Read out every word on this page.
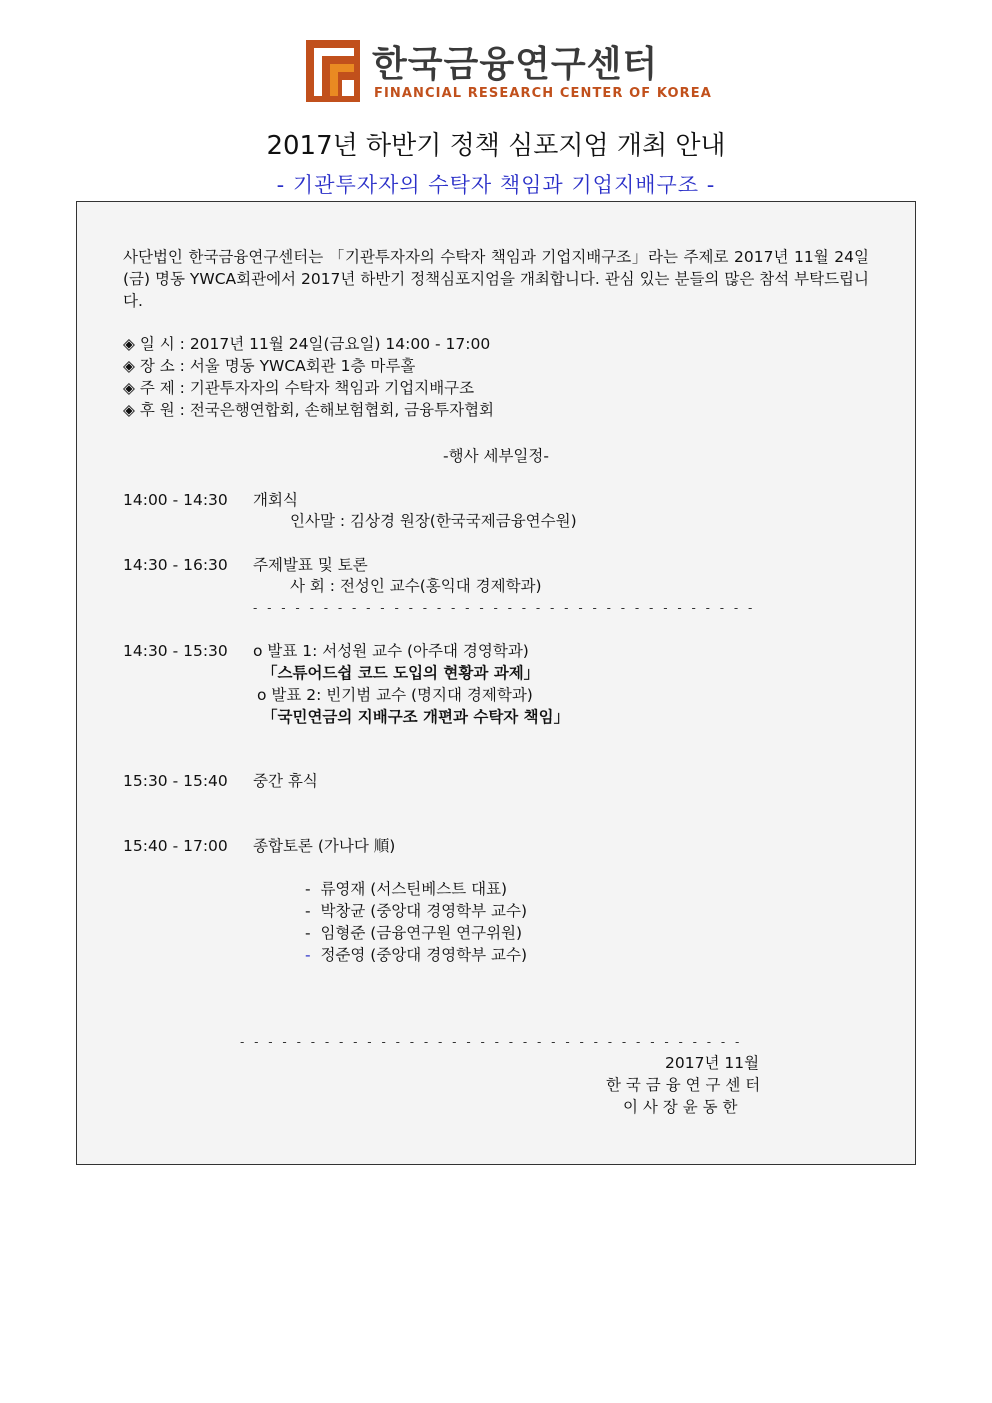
한국금융연구센터
FINANCIAL RESEARCH CENTER OF KOREA
2017년 하반기 정책 심포지엄 개최 안내
- 기관투자자의 수탁자 책임과 기업지배구조 -
사단법인 한국금융연구센터는 「기관투자자의 수탁자 책임과 기업지배구조」라는 주제로 2017년 11월 24일(금) 명동 YWCA회관에서 2017년 하반기 정책심포지엄을 개최합니다. 관심 있는 분들의 많은 참석 부탁드립니다.
◈ 일 시 : 2017년 11월 24일(금요일) 14:00 - 17:00
◈ 장 소 : 서울 명동 YWCA회관 1층 마루홀
◈ 주 제 : 기관투자자의 수탁자 책임과 기업지배구조
◈ 후 원 : 전국은행연합회, 손해보험협회, 금융투자협회
-행사 세부일정-
14:00 - 14:30 개회식
인사말 : 김상경 원장(한국국제금융연수원)
14:30 - 16:30 주제발표 및 토론
사 회 : 전성인 교수(홍익대 경제학과)
- - - - - - - - - - - - - - - - - - - - - - - - - - - - - - - - - - - -
14:30 - 15:30 o 발표 1: 서성원 교수 (아주대 경영학과)
「스튜어드쉽 코드 도입의 현황과 과제」
o 발표 2: 빈기범 교수 (명지대 경제학과)
「국민연금의 지배구조 개편과 수탁자 책임」
15:30 - 15:40 중간 휴식
15:40 - 17:00 종합토론 (가나다 順)
- 류영재 (서스틴베스트 대표)
- 박창균 (중앙대 경영학부 교수)
- 임형준 (금융연구원 연구위원)
- 정준영 (중앙대 경영학부 교수)
- - - - - - - - - - - - - - - - - - - - - - - - - - - - - - - - - - - -
2017년 11월
한 국 금 융 연 구 센 터
이 사 장 윤 동 한
